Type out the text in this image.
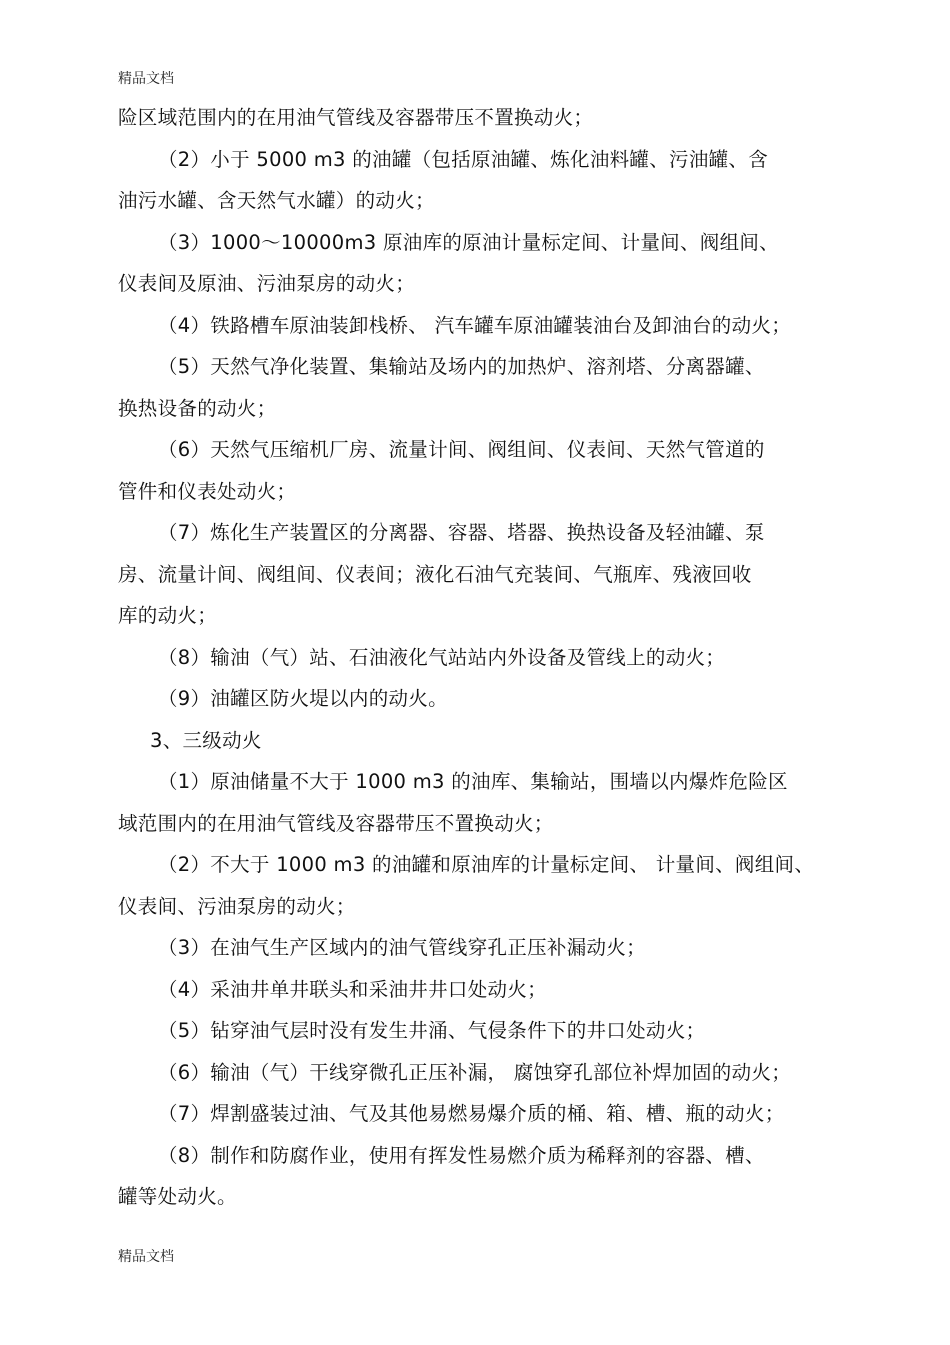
精品文档
险区域范围内的在用油气管线及容器带压不置换动火；
（2）小于 5000 m3 的油罐（包括原油罐、炼化油料罐、污油罐、含
油污水罐、含天然气水罐）的动火；
（3）1000～10000m3 原油库的原油计量标定间、计量间、阀组间、
仪表间及原油、污油泵房的动火；
（4）铁路槽车原油装卸栈桥、 汽车罐车原油罐装油台及卸油台的动火；
（5）天然气净化装置、集输站及场内的加热炉、溶剂塔、分离器罐、
换热设备的动火；
（6）天然气压缩机厂房、流量计间、阀组间、仪表间、天然气管道的
管件和仪表处动火；
（7）炼化生产装置区的分离器、容器、塔器、换热设备及轻油罐、泵
房、流量计间、阀组间、仪表间；液化石油气充装间、气瓶库、残液回收
库的动火；
（8）输油（气）站、石油液化气站站内外设备及管线上的动火；
（9）油罐区防火堤以内的动火。
3、三级动火
（1）原油储量不大于 1000 m3 的油库、集输站，围墙以内爆炸危险区
域范围内的在用油气管线及容器带压不置换动火；
（2）不大于 1000 m3 的油罐和原油库的计量标定间、 计量间、阀组间、
仪表间、污油泵房的动火；
（3）在油气生产区域内的油气管线穿孔正压补漏动火；
（4）采油井单井联头和采油井井口处动火；
（5）钻穿油气层时没有发生井涌、气侵条件下的井口处动火；
（6）输油（气）干线穿微孔正压补漏， 腐蚀穿孔部位补焊加固的动火；
（7）焊割盛装过油、气及其他易燃易爆介质的桶、箱、槽、瓶的动火；
（8）制作和防腐作业，使用有挥发性易燃介质为稀释剂的容器、槽、
罐等处动火。
精品文档
